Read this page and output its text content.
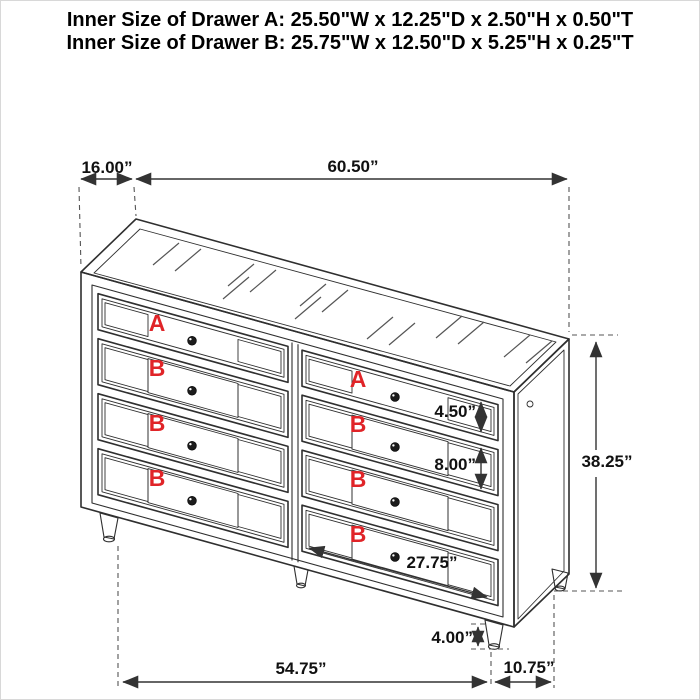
Inner Size of Drawer A: 25.50"W x 12.25"D x 2.50"H x 0.50"T
Inner Size of Drawer B: 25.75"W x 12.50"D x 5.25"H x 0.25"T
A
B
B
B
A
B
B
B
16.00”	60.50”
38.25”
4.50”
8.00”
27.75”
4.00”
54.75”	10.75”
